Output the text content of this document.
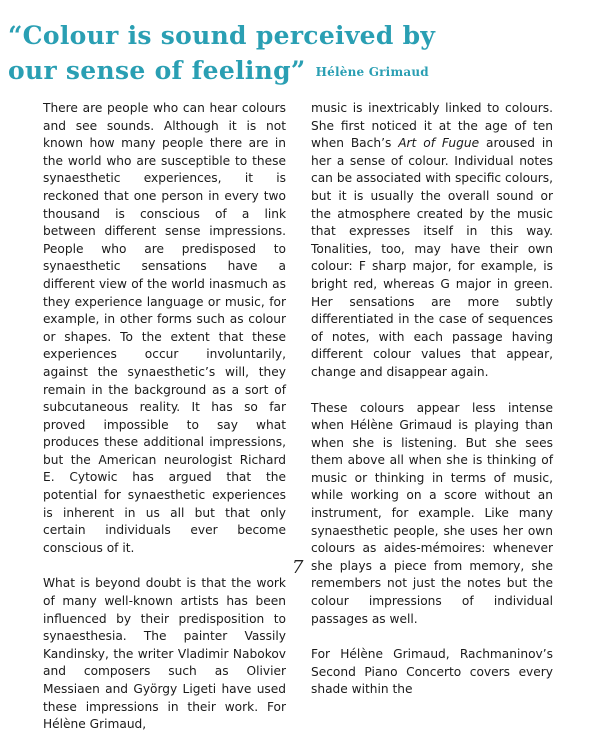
“Colour is sound perceived by
our sense of feeling” Hélène Grimaud

There are people who can hear colours and see sounds. Although it is not known how many people there are in the world who are susceptible to these synaesthetic experiences, it is reckoned that one person in every two thousand is conscious of a link between different sense impressions. People who are predisposed to synaesthetic sensations have a different view of the world inasmuch as they experience language or music, for example, in other forms such as colour or shapes. To the extent that these experiences occur involuntarily, against the synaesthetic’s will, they remain in the background as a sort of subcutaneous reality. It has so far proved impossible to say what produces these additional impressions, but the American neurologist Richard E. Cytowic has argued that the potential for synaesthetic experiences is inherent in us all but that only certain individuals ever become conscious of it.

What is beyond doubt is that the work of many well-known artists has been influenced by their predisposition to synaesthesia. The painter Vassily Kandinsky, the writer Vladimir Nabokov and composers such as Olivier Messiaen and György Ligeti have used these impressions in their work. For Hélène Grimaud,

music is inextricably linked to colours. She first noticed it at the age of ten when Bach’s Art of Fugue aroused in her a sense of colour. Individual notes can be associated with specific colours, but it is usually the overall sound or the atmosphere created by the music that expresses itself in this way. Tonalities, too, may have their own colour: F sharp major, for example, is bright red, whereas G major in green. Her sensations are more subtly differentiated in the case of sequences of notes, with each passage having different colour values that appear, change and disappear again.

These colours appear less intense when Hélène Grimaud is playing than when she is listening. But she sees them above all when she is thinking of music or thinking in terms of music, while working on a score without an instrument, for example. Like many synaesthetic people, she uses her own colours as aides-mémoires: whenever she plays a piece from memory, she remembers not just the notes but the colour impressions of individual passages as well.

For Hélène Grimaud, Rachmaninov’s Second Piano Concerto covers every shade within the

7
